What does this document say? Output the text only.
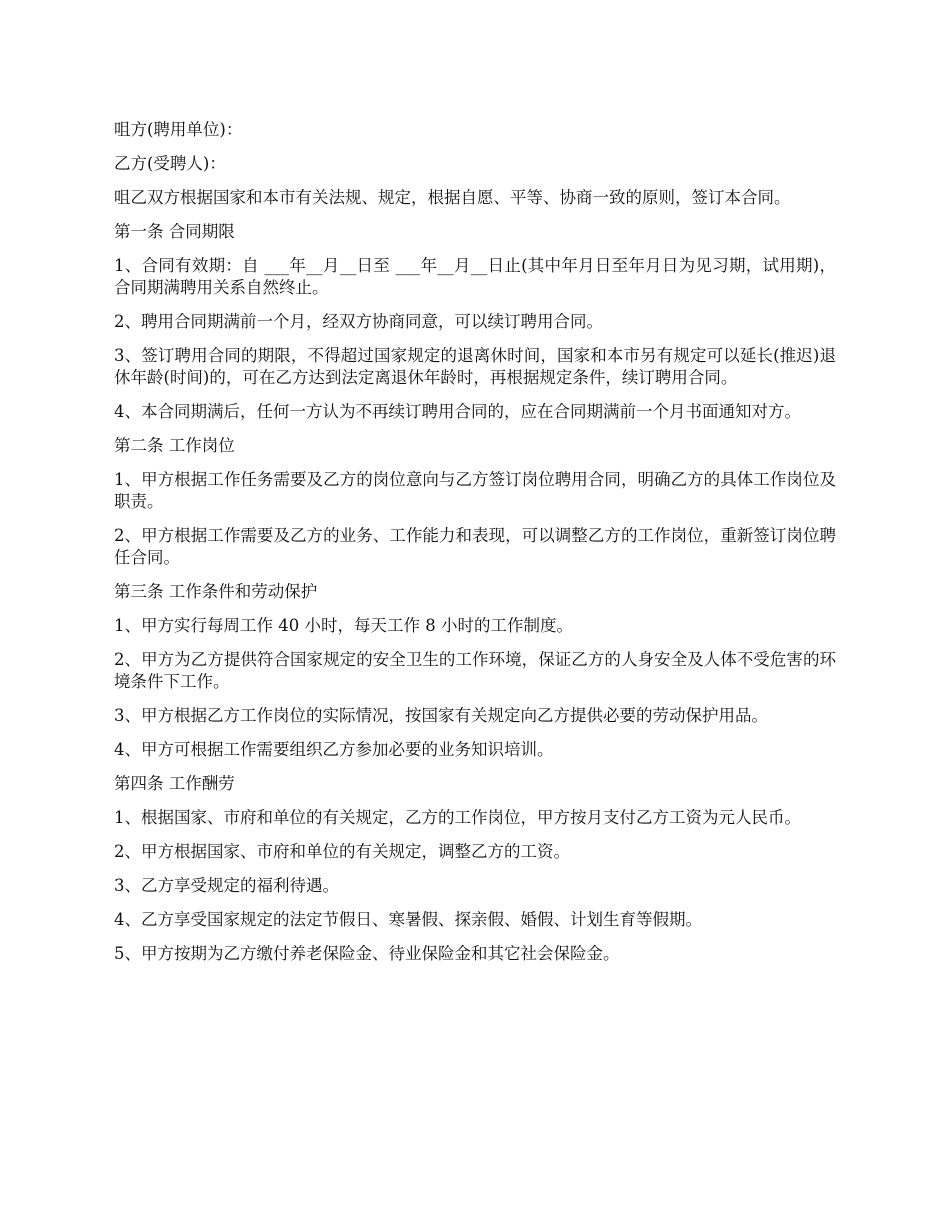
咀方(聘用单位)：

乙方(受聘人)：

咀乙双方根据国家和本市有关法规、规定，根据自愿、平等、协商一致的原则，签订本合同。

第一条 合同期限

1、合同有效期：自 ___年__月__日至 ___年__月__日止(其中年月日至年月日为见习期，试用期)，合同期满聘用关系自然终止。

2、聘用合同期满前一个月，经双方协商同意，可以续订聘用合同。

3、签订聘用合同的期限，不得超过国家规定的退离休时间，国家和本市另有规定可以延长(推迟)退休年龄(时间)的，可在乙方达到法定离退休年龄时，再根据规定条件，续订聘用合同。

4、本合同期满后，任何一方认为不再续订聘用合同的，应在合同期满前一个月书面通知对方。

第二条 工作岗位

1、甲方根据工作任务需要及乙方的岗位意向与乙方签订岗位聘用合同，明确乙方的具体工作岗位及职责。

2、甲方根据工作需要及乙方的业务、工作能力和表现，可以调整乙方的工作岗位，重新签订岗位聘任合同。

第三条 工作条件和劳动保护

1、甲方实行每周工作 40 小时，每天工作 8 小时的工作制度。

2、甲方为乙方提供符合国家规定的安全卫生的工作环境，保证乙方的人身安全及人体不受危害的环境条件下工作。

3、甲方根据乙方工作岗位的实际情况，按国家有关规定向乙方提供必要的劳动保护用品。

4、甲方可根据工作需要组织乙方参加必要的业务知识培训。

第四条 工作酬劳

1、根据国家、市府和单位的有关规定，乙方的工作岗位，甲方按月支付乙方工资为元人民币。

2、甲方根据国家、市府和单位的有关规定，调整乙方的工资。

3、乙方享受规定的福利待遇。

4、乙方享受国家规定的法定节假日、寒暑假、探亲假、婚假、计划生育等假期。

5、甲方按期为乙方缴付养老保险金、待业保险金和其它社会保险金。
